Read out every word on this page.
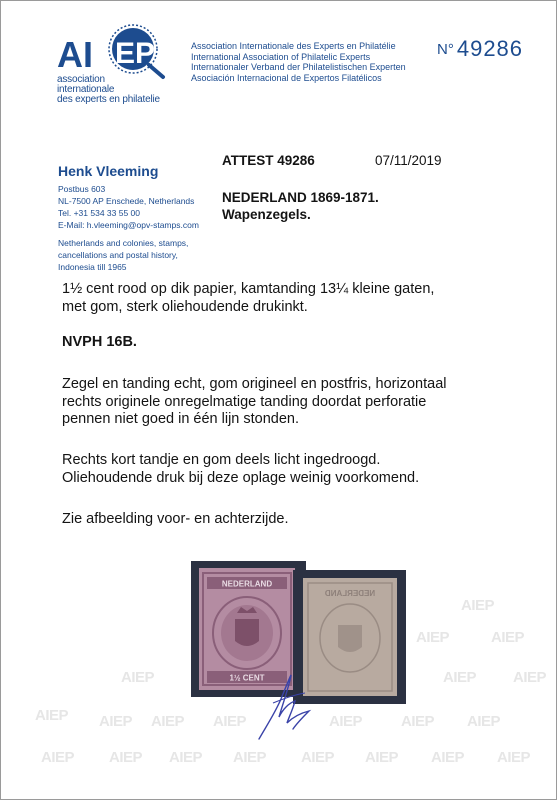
AIEP
AIEP	AIEP
AIEP	AIEP AIEP
AIEP AIEP AIEP AIEP	AIEP	AIEP AIEP
AIEP AIEP AIEP AIEP AIEP AIEP AIEP AIEP
AI EP
association
internationale
des experts en philatelie
Association Internationale des Experts en Philatélie
International Association of Philatelic Experts
Internationaler Verband der Philatelistischen Experten
Asociación Internacional de Expertos Filatélicos
N° 49286
Henk Vleeming
Postbus 603
NL-7500 AP Enschede, Netherlands
Tel. +31 534 33 55 00
E-Mail: h.vleeming@opv-stamps.com
Netherlands and colonies, stamps,
cancellations and postal history,
Indonesia till 1965
ATTEST 49286	07/11/2019
NEDERLAND 1869-1871.
Wapenzegels.
1½ cent rood op dik papier, kamtanding 13¼ kleine gaten,
met gom, sterk oliehoudende drukinkt.
NVPH 16B.
Zegel en tanding echt, gom origineel en postfris, horizontaal
rechts originele onregelmatige tanding doordat perforatie
pennen niet goed in één lijn stonden.
Rechts kort tandje en gom deels licht ingedroogd.
Oliehoudende druk bij deze oplage weinig voorkomend.
Zie afbeelding voor- en achterzijde.
NEDERLAND
1½ CENT
NEDERLAND
